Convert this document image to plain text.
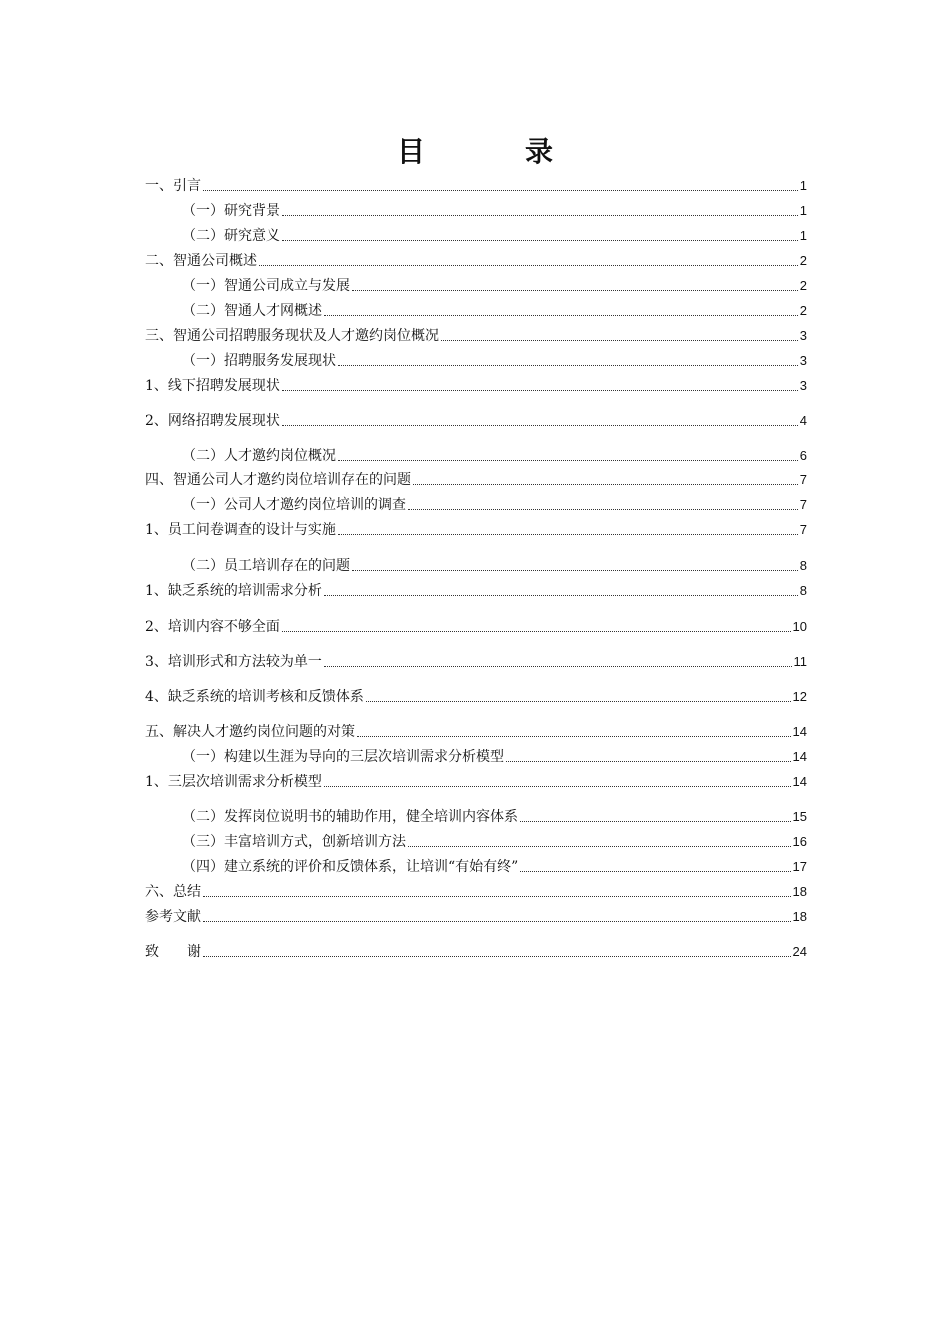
目　录
一、引言	1
（一）研究背景	1
（二）研究意义	1
二、智通公司概述	2
（一）智通公司成立与发展	2
（二）智通人才网概述	2
三、智通公司招聘服务现状及人才邀约岗位概况	3
（一）招聘服务发展现状	3
1、线下招聘发展现状	3
2、网络招聘发展现状	4
（二）人才邀约岗位概况	6
四、智通公司人才邀约岗位培训存在的问题	7
（一）公司人才邀约岗位培训的调查	7
1、员工问卷调查的设计与实施	7
（二）员工培训存在的问题	8
1、缺乏系统的培训需求分析	8
2、培训内容不够全面	10
3、培训形式和方法较为单一	11
4、缺乏系统的培训考核和反馈体系	12
五、解决人才邀约岗位问题的对策	14
（一）构建以生涯为导向的三层次培训需求分析模型	14
1、三层次培训需求分析模型	14
（二）发挥岗位说明书的辅助作用，健全培训内容体系	15
（三）丰富培训方式，创新培训方法	16
（四）建立系统的评价和反馈体系，让培训“有始有终”	17
六、总结	18
参考文献	18
致　　谢	24
